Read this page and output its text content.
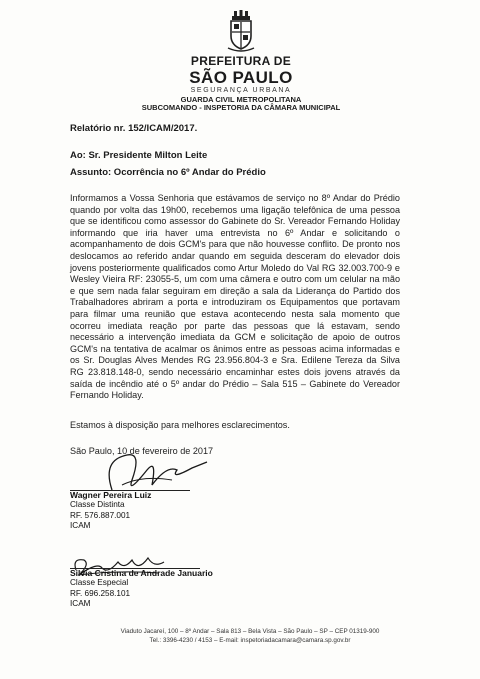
PREFEITURA DE
SÃO PAULO
SEGURANÇA URBANA
GUARDA CIVIL METROPOLITANA
SUBCOMANDO - INSPETORIA DA CÂMARA MUNICIPAL
Relatório nr. 152/ICAM/2017.
Ao: Sr. Presidente Milton Leite
Assunto: Ocorrência no 6º Andar do Prédio

Informamos a Vossa Senhoria que estávamos de serviço no 8º Andar do Prédio quando por volta das 19h00, recebemos uma ligação telefônica de uma pessoa que se identificou como assessor do Gabinete do Sr. Vereador Fernando Holiday informando que iria haver uma entrevista no 6º Andar e solicitando o acompanhamento de dois GCM's para que não houvesse conflito. De pronto nos deslocamos ao referido andar quando em seguida desceram do elevador dois jovens posteriormente qualificados como Artur Moledo do Val RG 32.003.700-9 e Wesley Vieira RF: 23055-5, um com uma câmera e outro com um celular na mão e que sem nada falar seguiram em direção a sala da Liderança do Partido dos Trabalhadores abriram a porta e introduziram os Equipamentos que portavam para filmar uma reunião que estava acontecendo nesta sala momento que ocorreu imediata reação por parte das pessoas que lá estavam, sendo necessário a intervenção imediata da GCM e solicitação de apoio de outros GCM's na tentativa de acalmar os ânimos entre as pessoas acima informadas e os Sr. Douglas Alves Mendes RG 23.956.804-3 e Sra. Edilene Tereza da Silva RG 23.818.148-0, sendo necessário encaminhar estes dois jovens através da saída de incêndio até o 5º andar do Prédio – Sala 515 – Gabinete do Vereador Fernando Holiday.

Estamos à disposição para melhores esclarecimentos.

São Paulo, 10 de fevereiro de 2017
Wagner Pereira Luiz
Classe Distinta
RF. 576.887.001
ICAM
Silvia Cristina de Andrade Januario
Classe Especial
RF. 696.258.101
ICAM
Viaduto Jacareí, 100 – 8º Andar – Sala 813 – Bela Vista – São Paulo – SP – CEP 01319-900
Tel.: 3396-4230 / 4153 – E-mail: inspetoriadacamara@camara.sp.gov.br
